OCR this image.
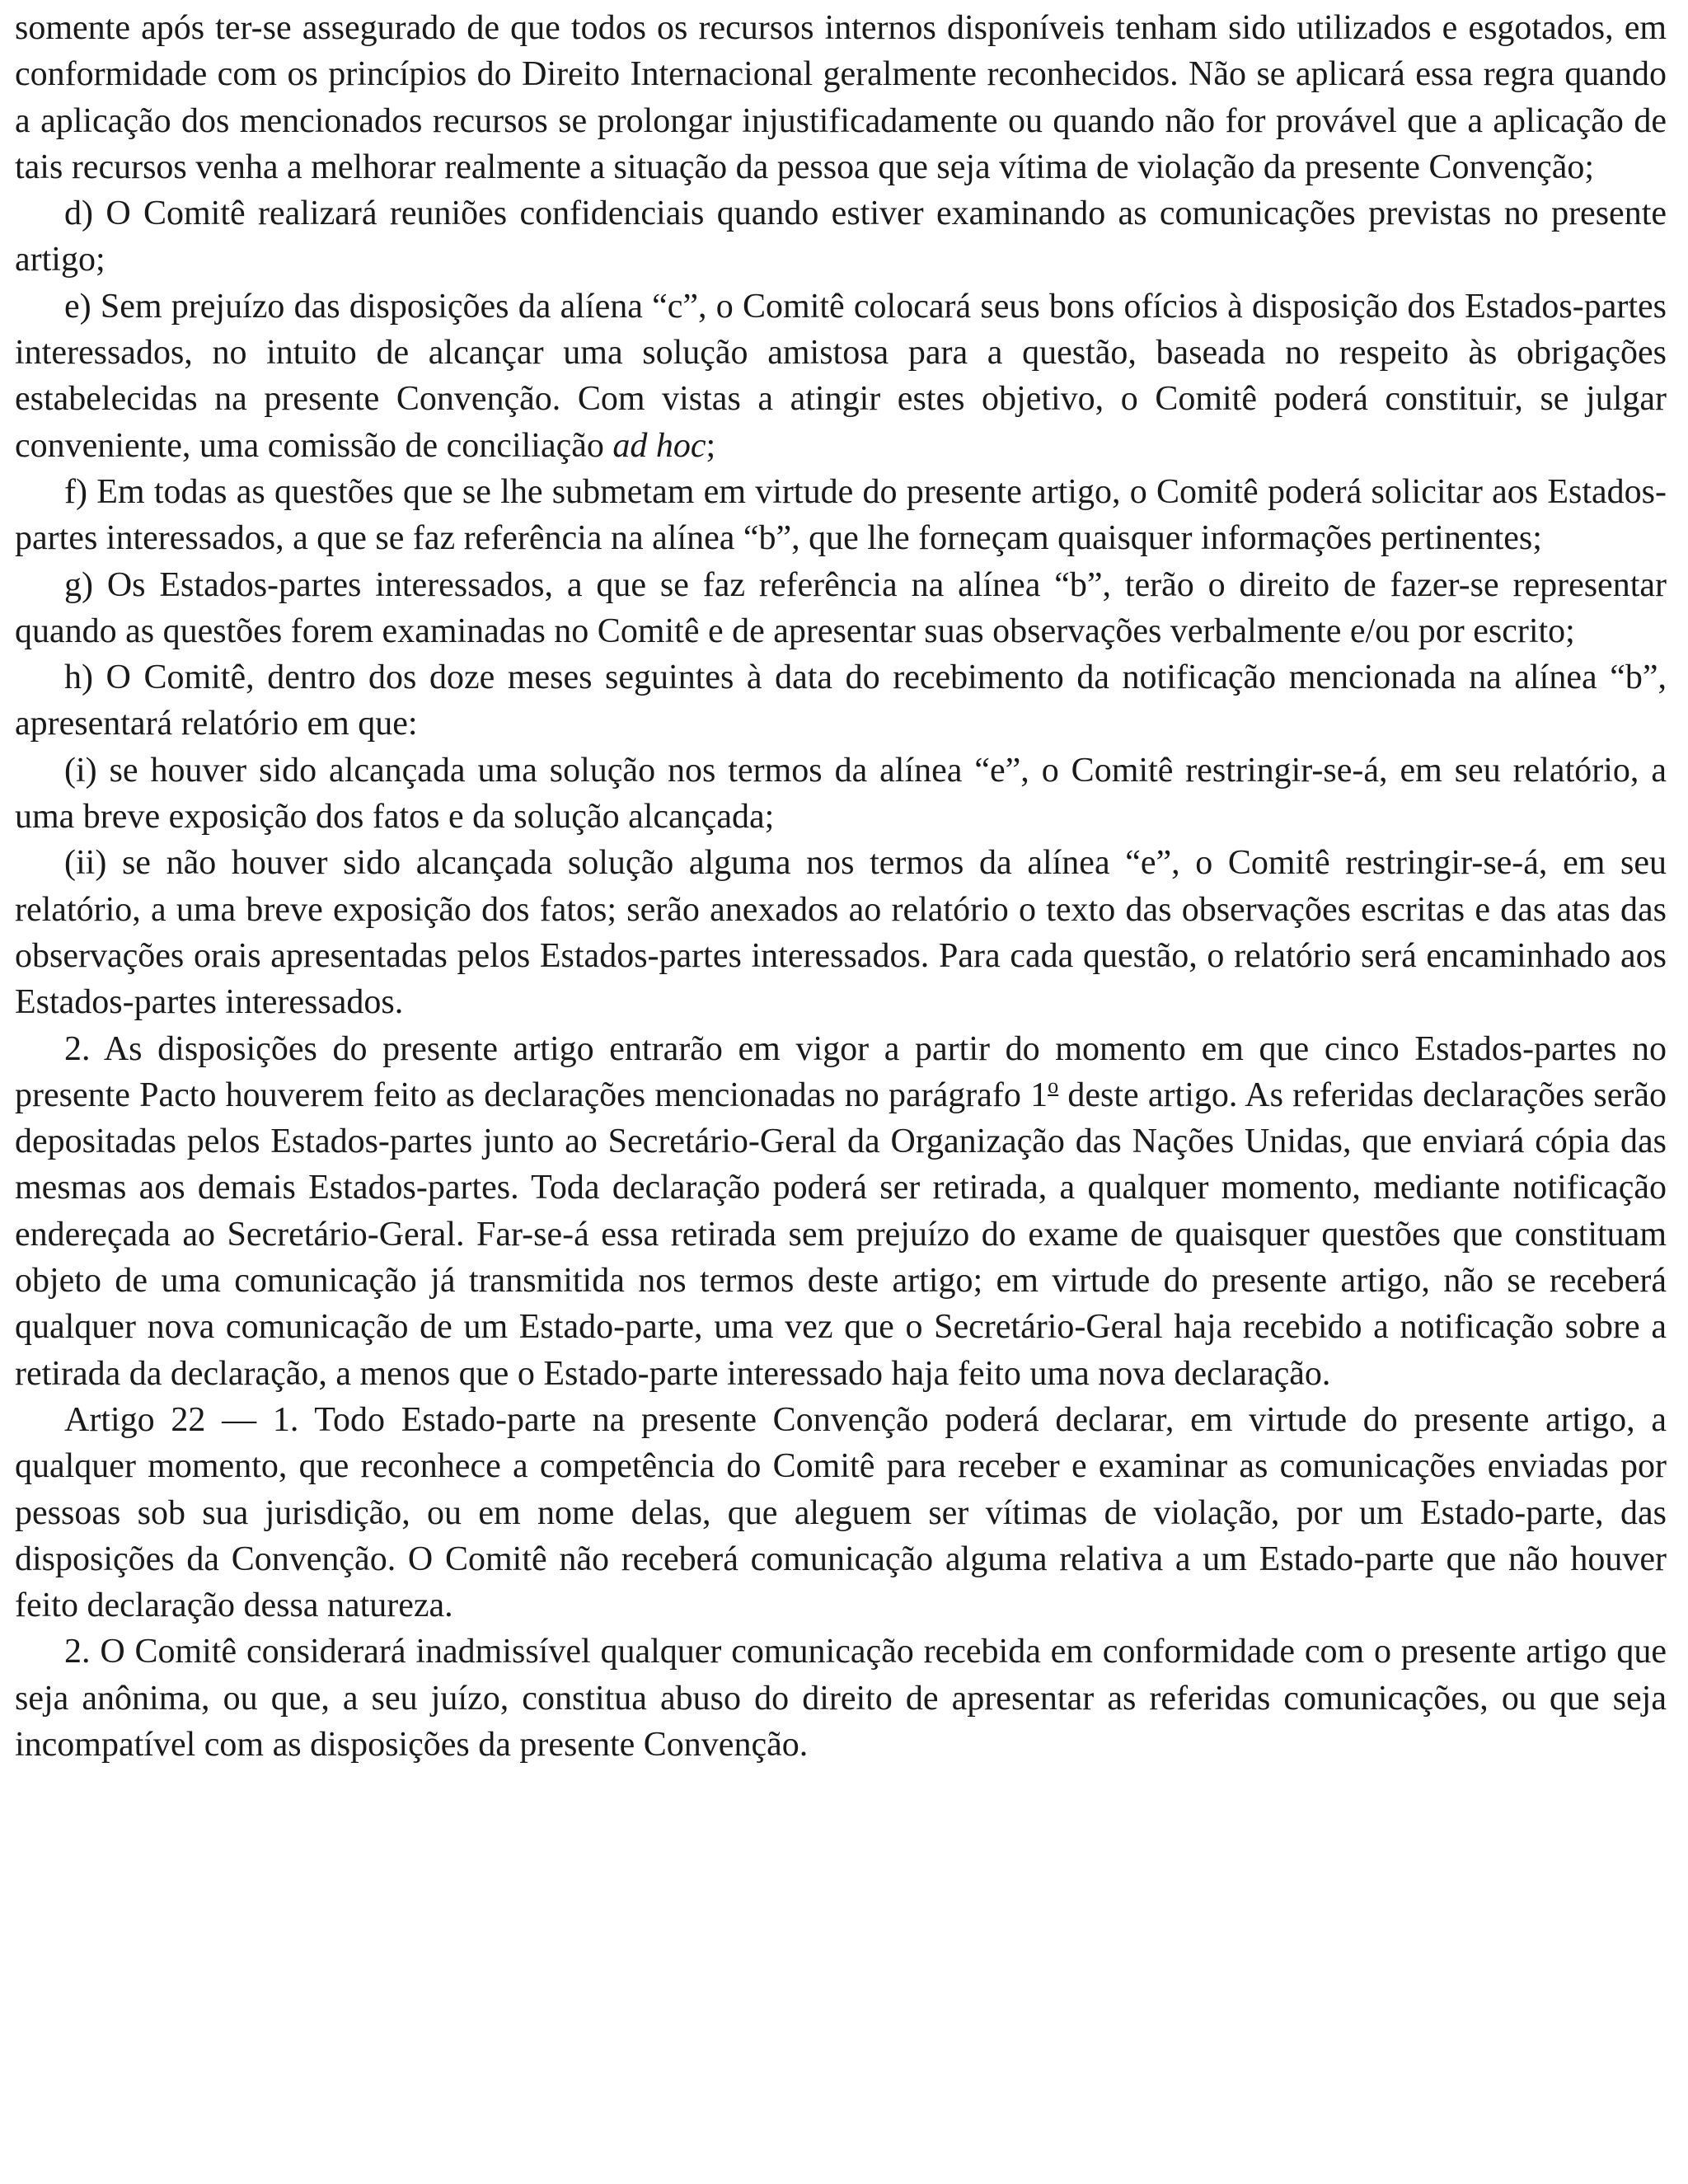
somente após ter-se assegurado de que todos os recursos internos disponíveis tenham sido utilizados e esgotados, em conformidade com os princípios do Direito Internacional geralmente reconhecidos. Não se aplicará essa regra quando a aplicação dos mencionados recursos se prolongar injustificadamente ou quando não for provável que a aplicação de tais recursos venha a melhorar realmente a situação da pessoa que seja vítima de violação da presente Convenção;

d) O Comitê realizará reuniões confidenciais quando estiver examinando as comunicações previstas no presente artigo;

e) Sem prejuízo das disposições da alíena “c”, o Comitê colocará seus bons ofícios à disposição dos Estados-partes interessados, no intuito de alcançar uma solução amistosa para a questão, baseada no respeito às obrigações estabelecidas na presente Convenção. Com vistas a atingir estes objetivo, o Comitê poderá constituir, se julgar conveniente, uma comissão de conciliação ad hoc;

f) Em todas as questões que se lhe submetam em virtude do presente artigo, o Comitê poderá solicitar aos Estados-partes interessados, a que se faz referência na alínea “b”, que lhe forneçam quaisquer informações pertinentes;

g) Os Estados-partes interessados, a que se faz referência na alínea “b”, terão o direito de fazer-se representar quando as questões forem examinadas no Comitê e de apresentar suas observações verbalmente e/ou por escrito;

h) O Comitê, dentro dos doze meses seguintes à data do recebimento da notificação mencionada na alínea “b”, apresentará relatório em que:

(i) se houver sido alcançada uma solução nos termos da alínea “e”, o Comitê restringir-se-á, em seu relatório, a uma breve exposição dos fatos e da solução alcançada;

(ii) se não houver sido alcançada solução alguma nos termos da alínea “e”, o Comitê restringir-se-á, em seu relatório, a uma breve exposição dos fatos; serão anexados ao relatório o texto das observações escritas e das atas das observações orais apresentadas pelos Estados-partes interessados. Para cada questão, o relatório será encaminhado aos Estados-partes interessados.

2. As disposições do presente artigo entrarão em vigor a partir do momento em que cinco Estados-partes no presente Pacto houverem feito as declarações mencionadas no parágrafo 1$^o$ deste artigo. As referidas declarações serão depositadas pelos Estados-partes junto ao Secretário-Geral da Organização das Nações Unidas, que enviará cópia das mesmas aos demais Estados-partes. Toda declaração poderá ser retirada, a qualquer momento, mediante notificação endereçada ao Secretário-Geral. Far-se-á essa retirada sem prejuízo do exame de quaisquer questões que constituam objeto de uma comunicação já transmitida nos termos deste artigo; em virtude do presente artigo, não se receberá qualquer nova comunicação de um Estado-parte, uma vez que o Secretário-Geral haja recebido a notificação sobre a retirada da declaração, a menos que o Estado-parte interessado haja feito uma nova declaração.

Artigo 22 — 1. Todo Estado-parte na presente Convenção poderá declarar, em virtude do presente artigo, a qualquer momento, que reconhece a competência do Comitê para receber e examinar as comunicações enviadas por pessoas sob sua jurisdição, ou em nome delas, que aleguem ser vítimas de violação, por um Estado-parte, das disposições da Convenção. O Comitê não receberá comunicação alguma relativa a um Estado-parte que não houver feito declaração dessa natureza.

2. O Comitê considerará inadmissível qualquer comunicação recebida em conformidade com o presente artigo que seja anônima, ou que, a seu juízo, constitua abuso do direito de apresentar as referidas comunicações, ou que seja incompatível com as disposições da presente Convenção.
